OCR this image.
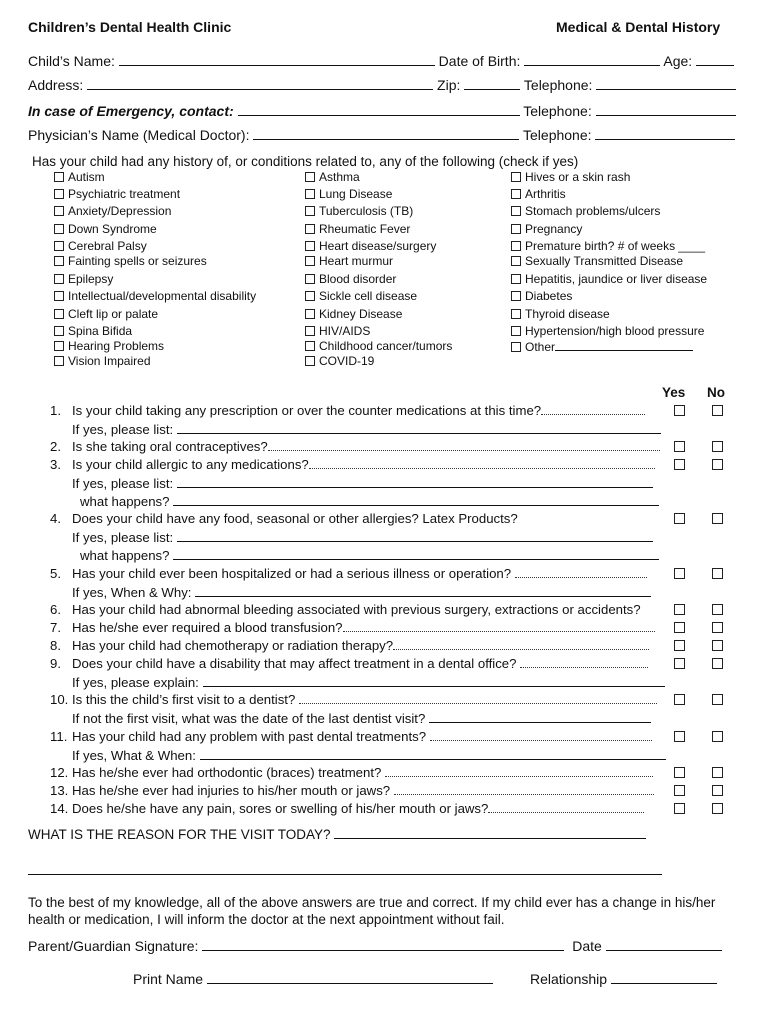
Children’s Dental Health Clinic	Medical & Dental History
Child’s Name:	Date of Birth:	Age:
Address:	Zip:	Telephone:
In case of Emergency, contact:	Telephone:
Physician’s Name (Medical Doctor):	Telephone:
Has your child had any history of, or conditions related to, any of the following (check if yes)
Autism
Psychiatric treatment
Anxiety/Depression
Down Syndrome
Cerebral Palsy
Fainting spells or seizures
Epilepsy
Intellectual/developmental disability
Cleft lip or palate
Spina Bifida
Hearing Problems
Vision Impaired
Asthma
Lung Disease
Tuberculosis (TB)
Rheumatic Fever
Heart disease/surgery
Heart murmur
Blood disorder
Sickle cell disease
Kidney Disease
HIV/AIDS
Childhood cancer/tumors
COVID-19
Hives or a skin rash
Arthritis
Stomach problems/ulcers
Pregnancy
Premature birth? # of weeks ____
Sexually Transmitted Disease
Hepatitis, jaundice or liver disease
Diabetes
Thyroid disease
Hypertension/high blood pressure
Other
Yes No
1. Is your child taking any prescription or over the counter medications at this time?
If yes, please list:
2. Is she taking oral contraceptives?
3. Is your child allergic to any medications?
If yes, please list:
what happens?
4. Does your child have any food, seasonal or other allergies? Latex Products?
If yes, please list:
what happens?
5. Has your child ever been hospitalized or had a serious illness or operation?
If yes, When & Why:
6. Has your child had abnormal bleeding associated with previous surgery, extractions or accidents?
7. Has he/she ever required a blood transfusion?
8. Has your child had chemotherapy or radiation therapy?
9. Does your child have a disability that may affect treatment in a dental office?
If yes, please explain:
10. Is this the child’s first visit to a dentist?
If not the first visit, what was the date of the last dentist visit?
11. Has your child had any problem with past dental treatments?
If yes, What & When:
12. Has he/she ever had orthodontic (braces) treatment?
13. Has he/she ever had injuries to his/her mouth or jaws?
14. Does he/she have any pain, sores or swelling of his/her mouth or jaws?
WHAT IS THE REASON FOR THE VISIT TODAY?
To the best of my knowledge, all of the above answers are true and correct. If my child ever has a change in his/her health or medication, I will inform the doctor at the next appointment without fail.
Parent/Guardian Signature:	Date
Print Name	Relationship
